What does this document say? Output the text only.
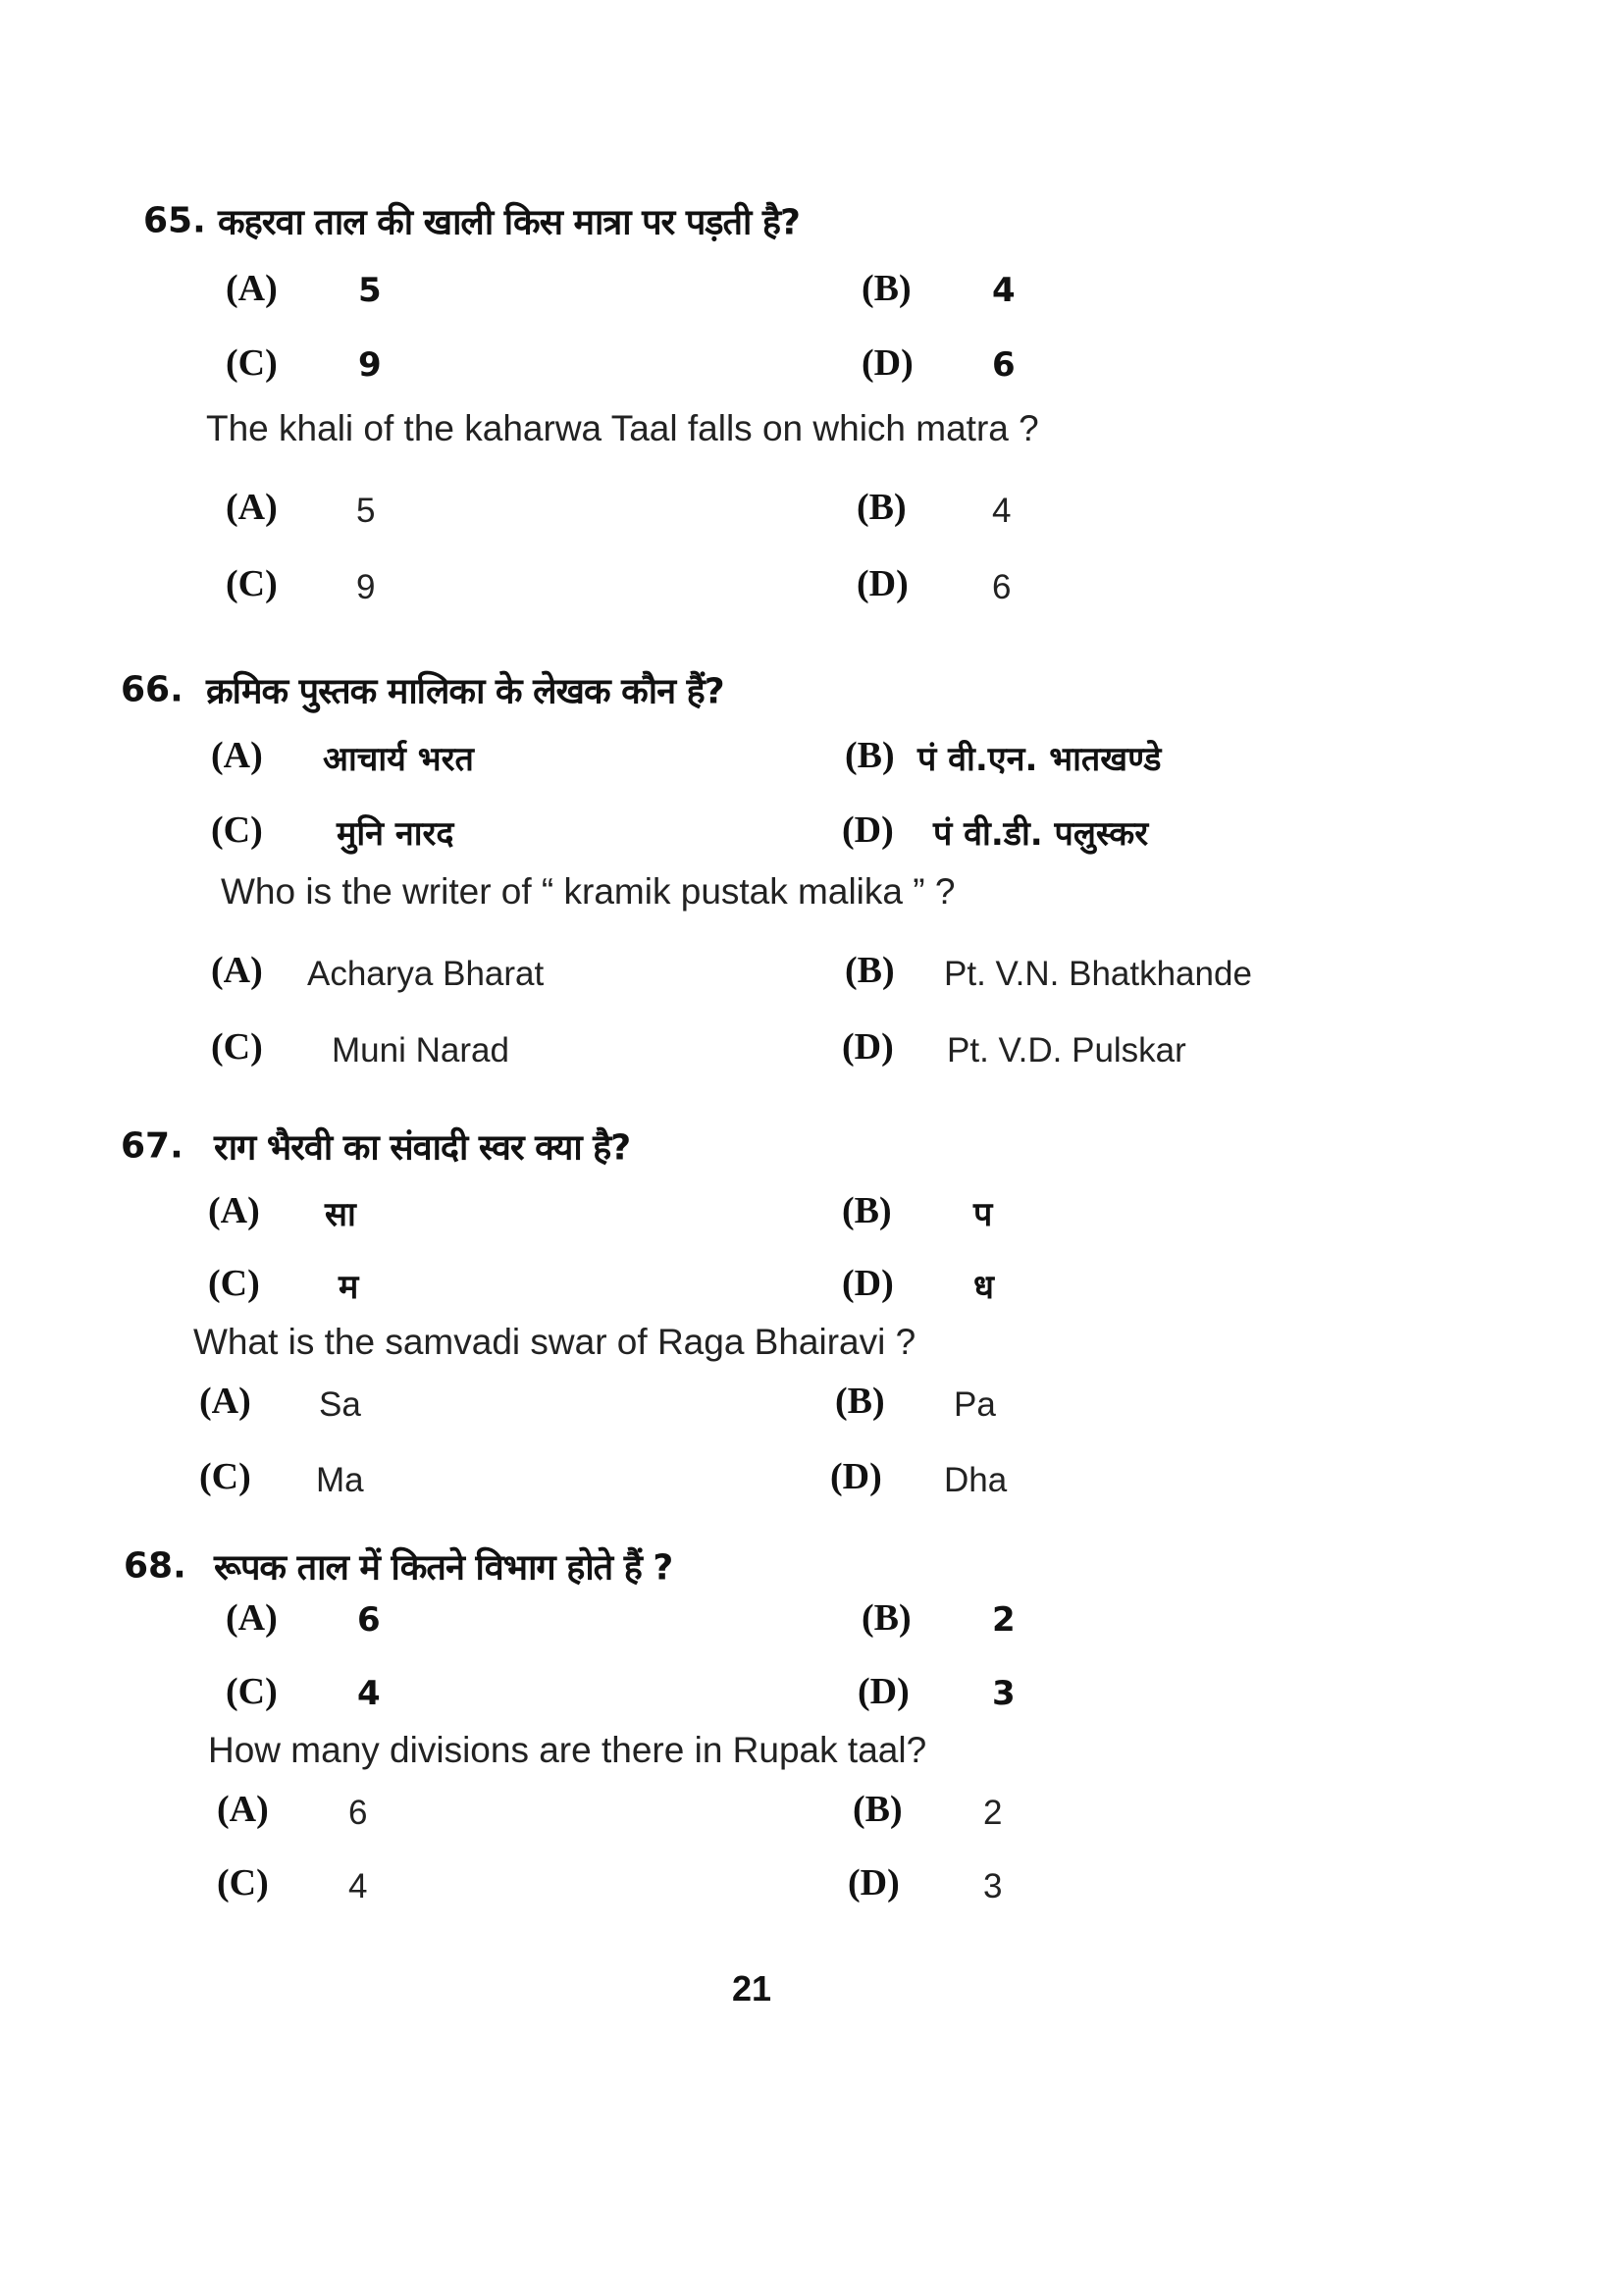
21
65. कहरवा ताल की खाली किस मात्रा पर पड़ती है?
The khali of the kaharwa Taal falls on which matra ?
(A) 5
(A) 5
(B) 4
(B) 4
(C) 9
(C) 9
(D) 6
(D) 6
66. क्रमिक पुस्तक मालिका के लेखक कौन हैं?
Who is the writer of “ kramik pustak malika ” ?
(A) आचार्य भरत
(A) Acharya Bharat
(B) पं वी.एन. भातखण्डे
(B) Pt. V.N. Bhatkhande
(C) मुनि नारद
(C) Muni Narad
(D) पं वी.डी. पलुस्कर
(D) Pt. V.D. Pulskar
67. राग भैरवी का संवादी स्वर क्या है?
What is the samvadi swar of Raga Bhairavi ?
(A) सा
(A) Sa
(B) प
(B) Pa
(C) म
(C) Ma
(D) ध
(D) Dha
68. रूपक ताल में कितने विभाग होते हैं ?
How many divisions are there in Rupak taal?
(A) 6
(A) 6
(B) 2
(B) 2
(C) 4
(C) 4
(D) 3
(D) 3
